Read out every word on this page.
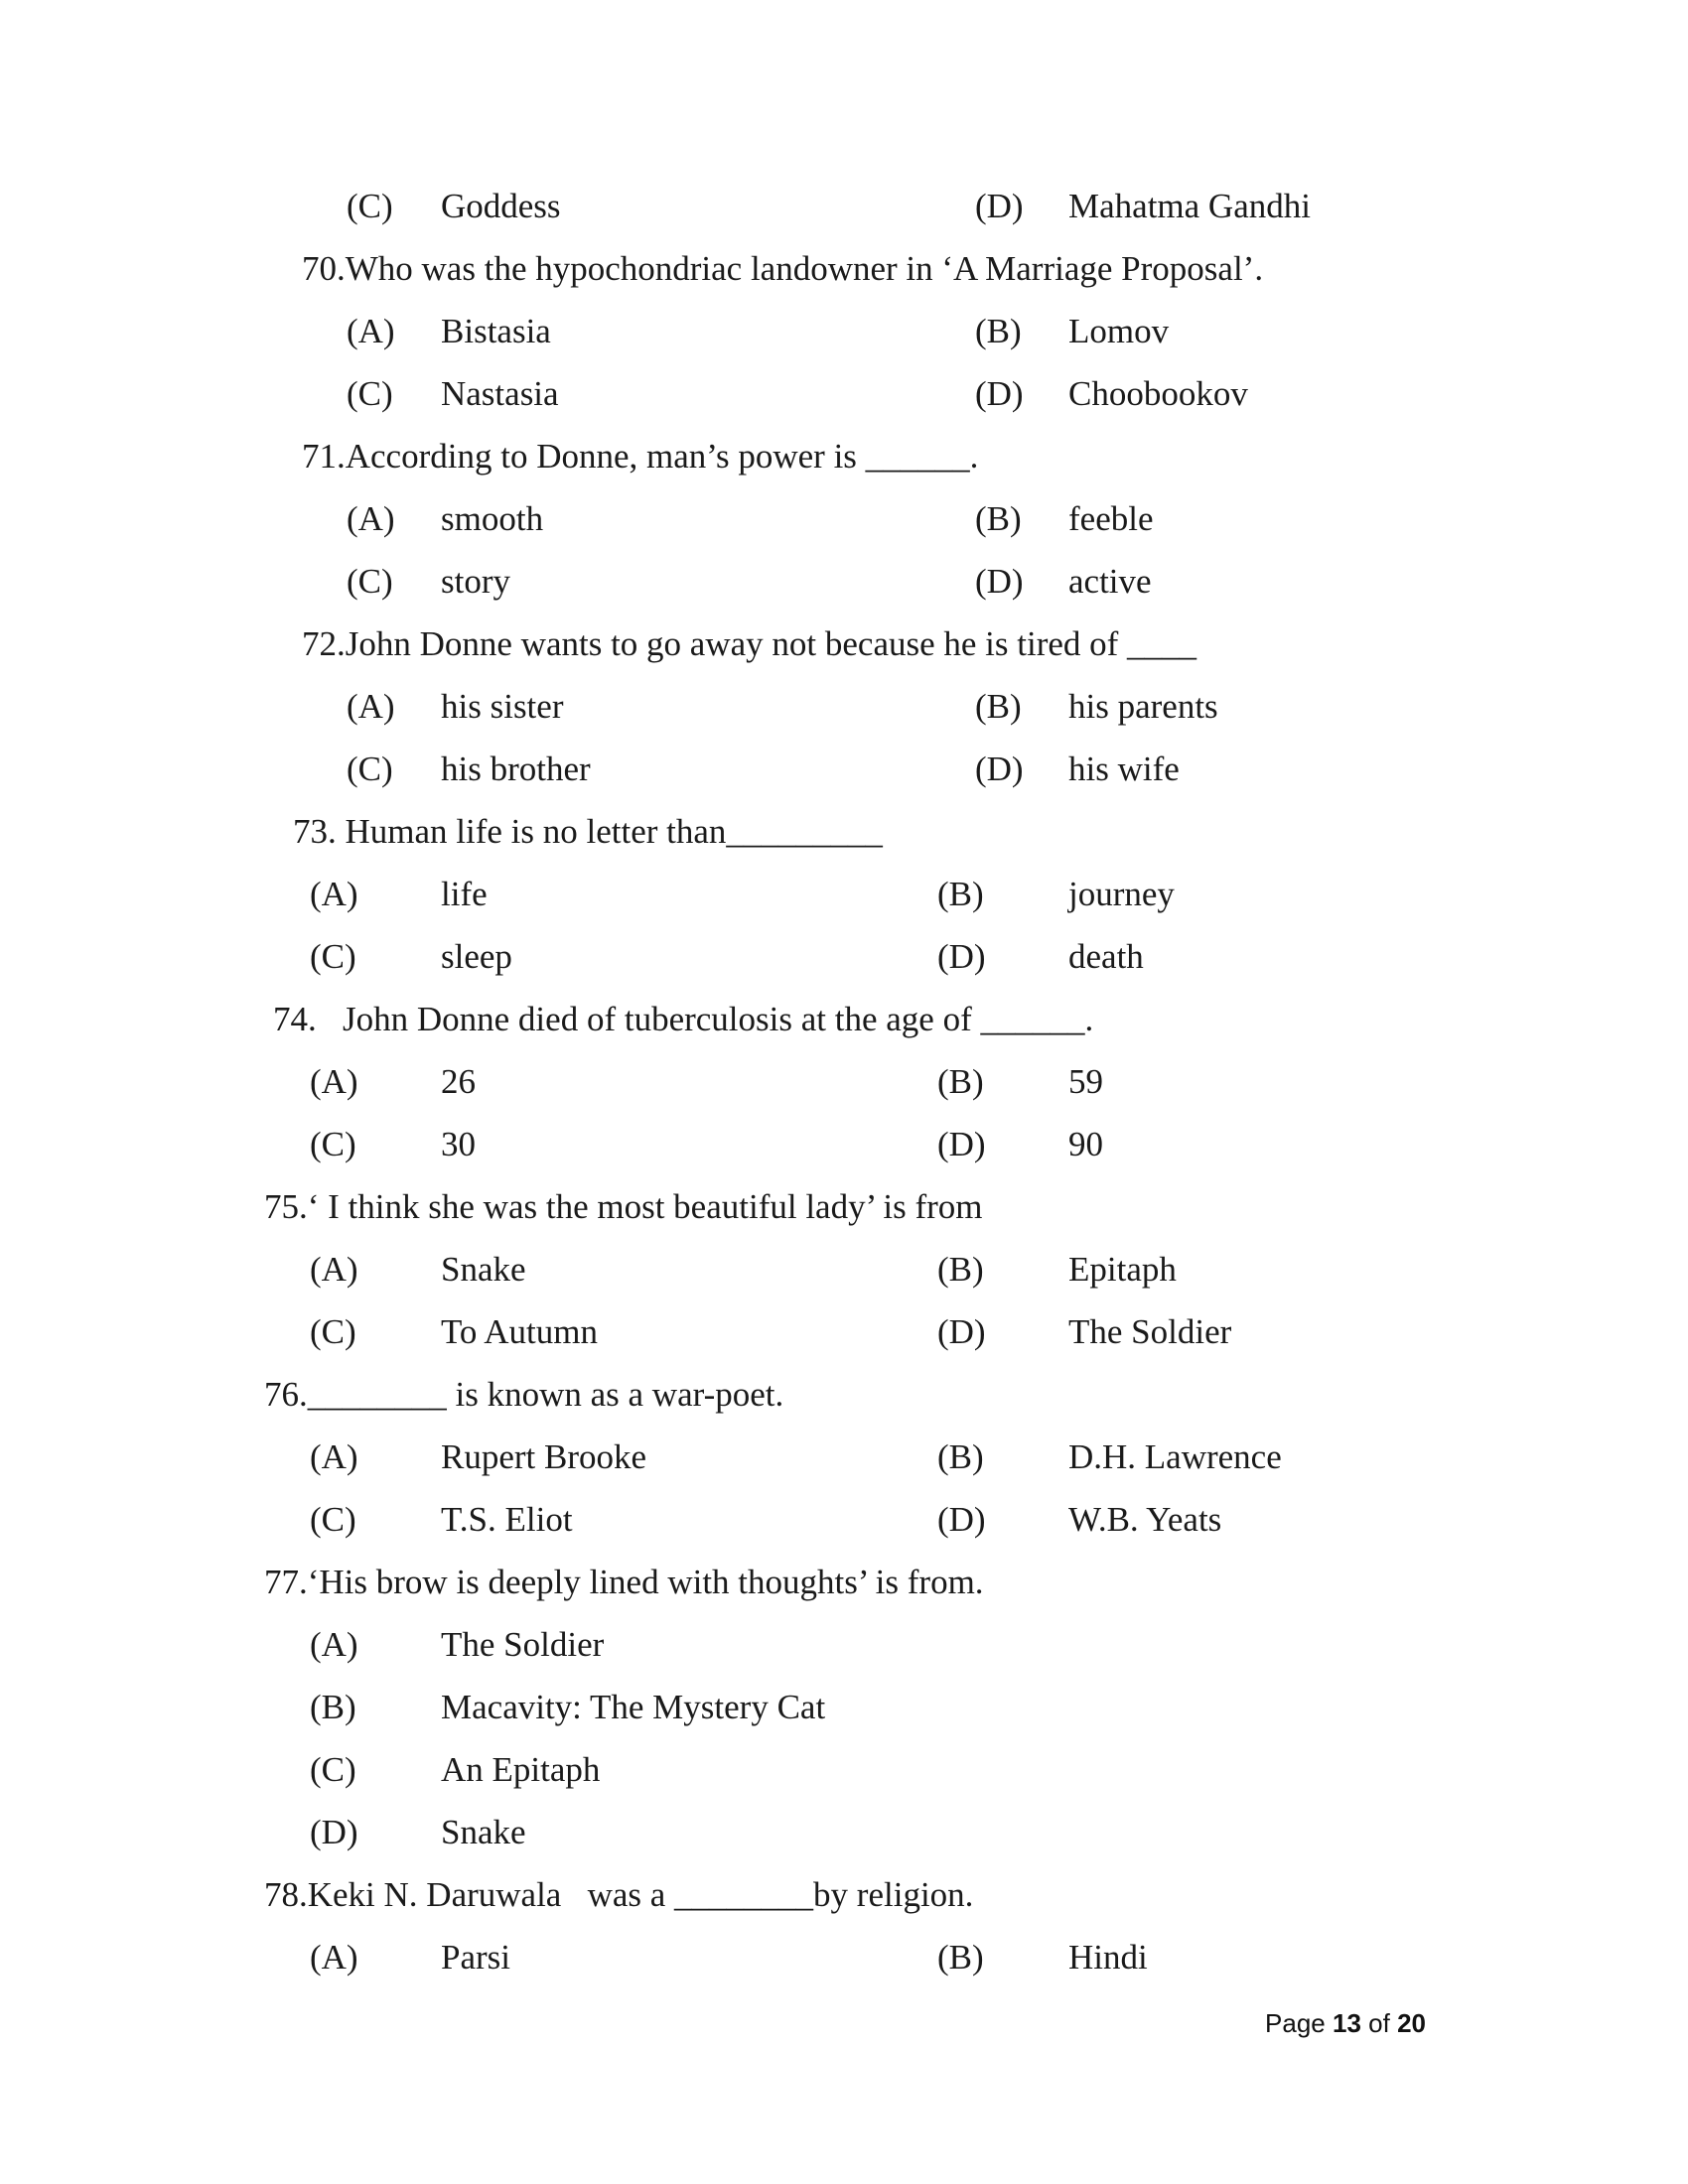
(C) Goddess	(D) Mahatma Gandhi
70.Who was the hypochondriac landowner in ‘A Marriage Proposal’.
(A) Bistasia	(B) Lomov
(C) Nastasia	(D) Choobookov
71.According to Donne, man’s power is ______.
(A) smooth	(B) feeble
(C) story	(D) active
72.John Donne wants to go away not because he is tired of ____
(A) his sister	(B) his parents
(C) his brother	(D) his wife
73. Human life is no letter than_________
(A) life	(B) journey
(C) sleep	(D) death
74.   John Donne died of tuberculosis at the age of ______.
(A) 26	(B) 59
(C) 30	(D) 90
75.‘ I think she was the most beautiful lady’ is from
(A) Snake	(B) Epitaph
(C) To Autumn	(D) The Soldier
76.________ is known as a war-poet.
(A) Rupert Brooke	(B) D.H. Lawrence
(C) T.S. Eliot	(D) W.B. Yeats
77.‘His brow is deeply lined with thoughts’ is from.
(A) The Soldier
(B) Macavity: The Mystery Cat
(C) An Epitaph
(D) Snake
78.Keki N. Daruwala   was a ________by religion.
(A) Parsi	(B) Hindi
Page 13 of 20
